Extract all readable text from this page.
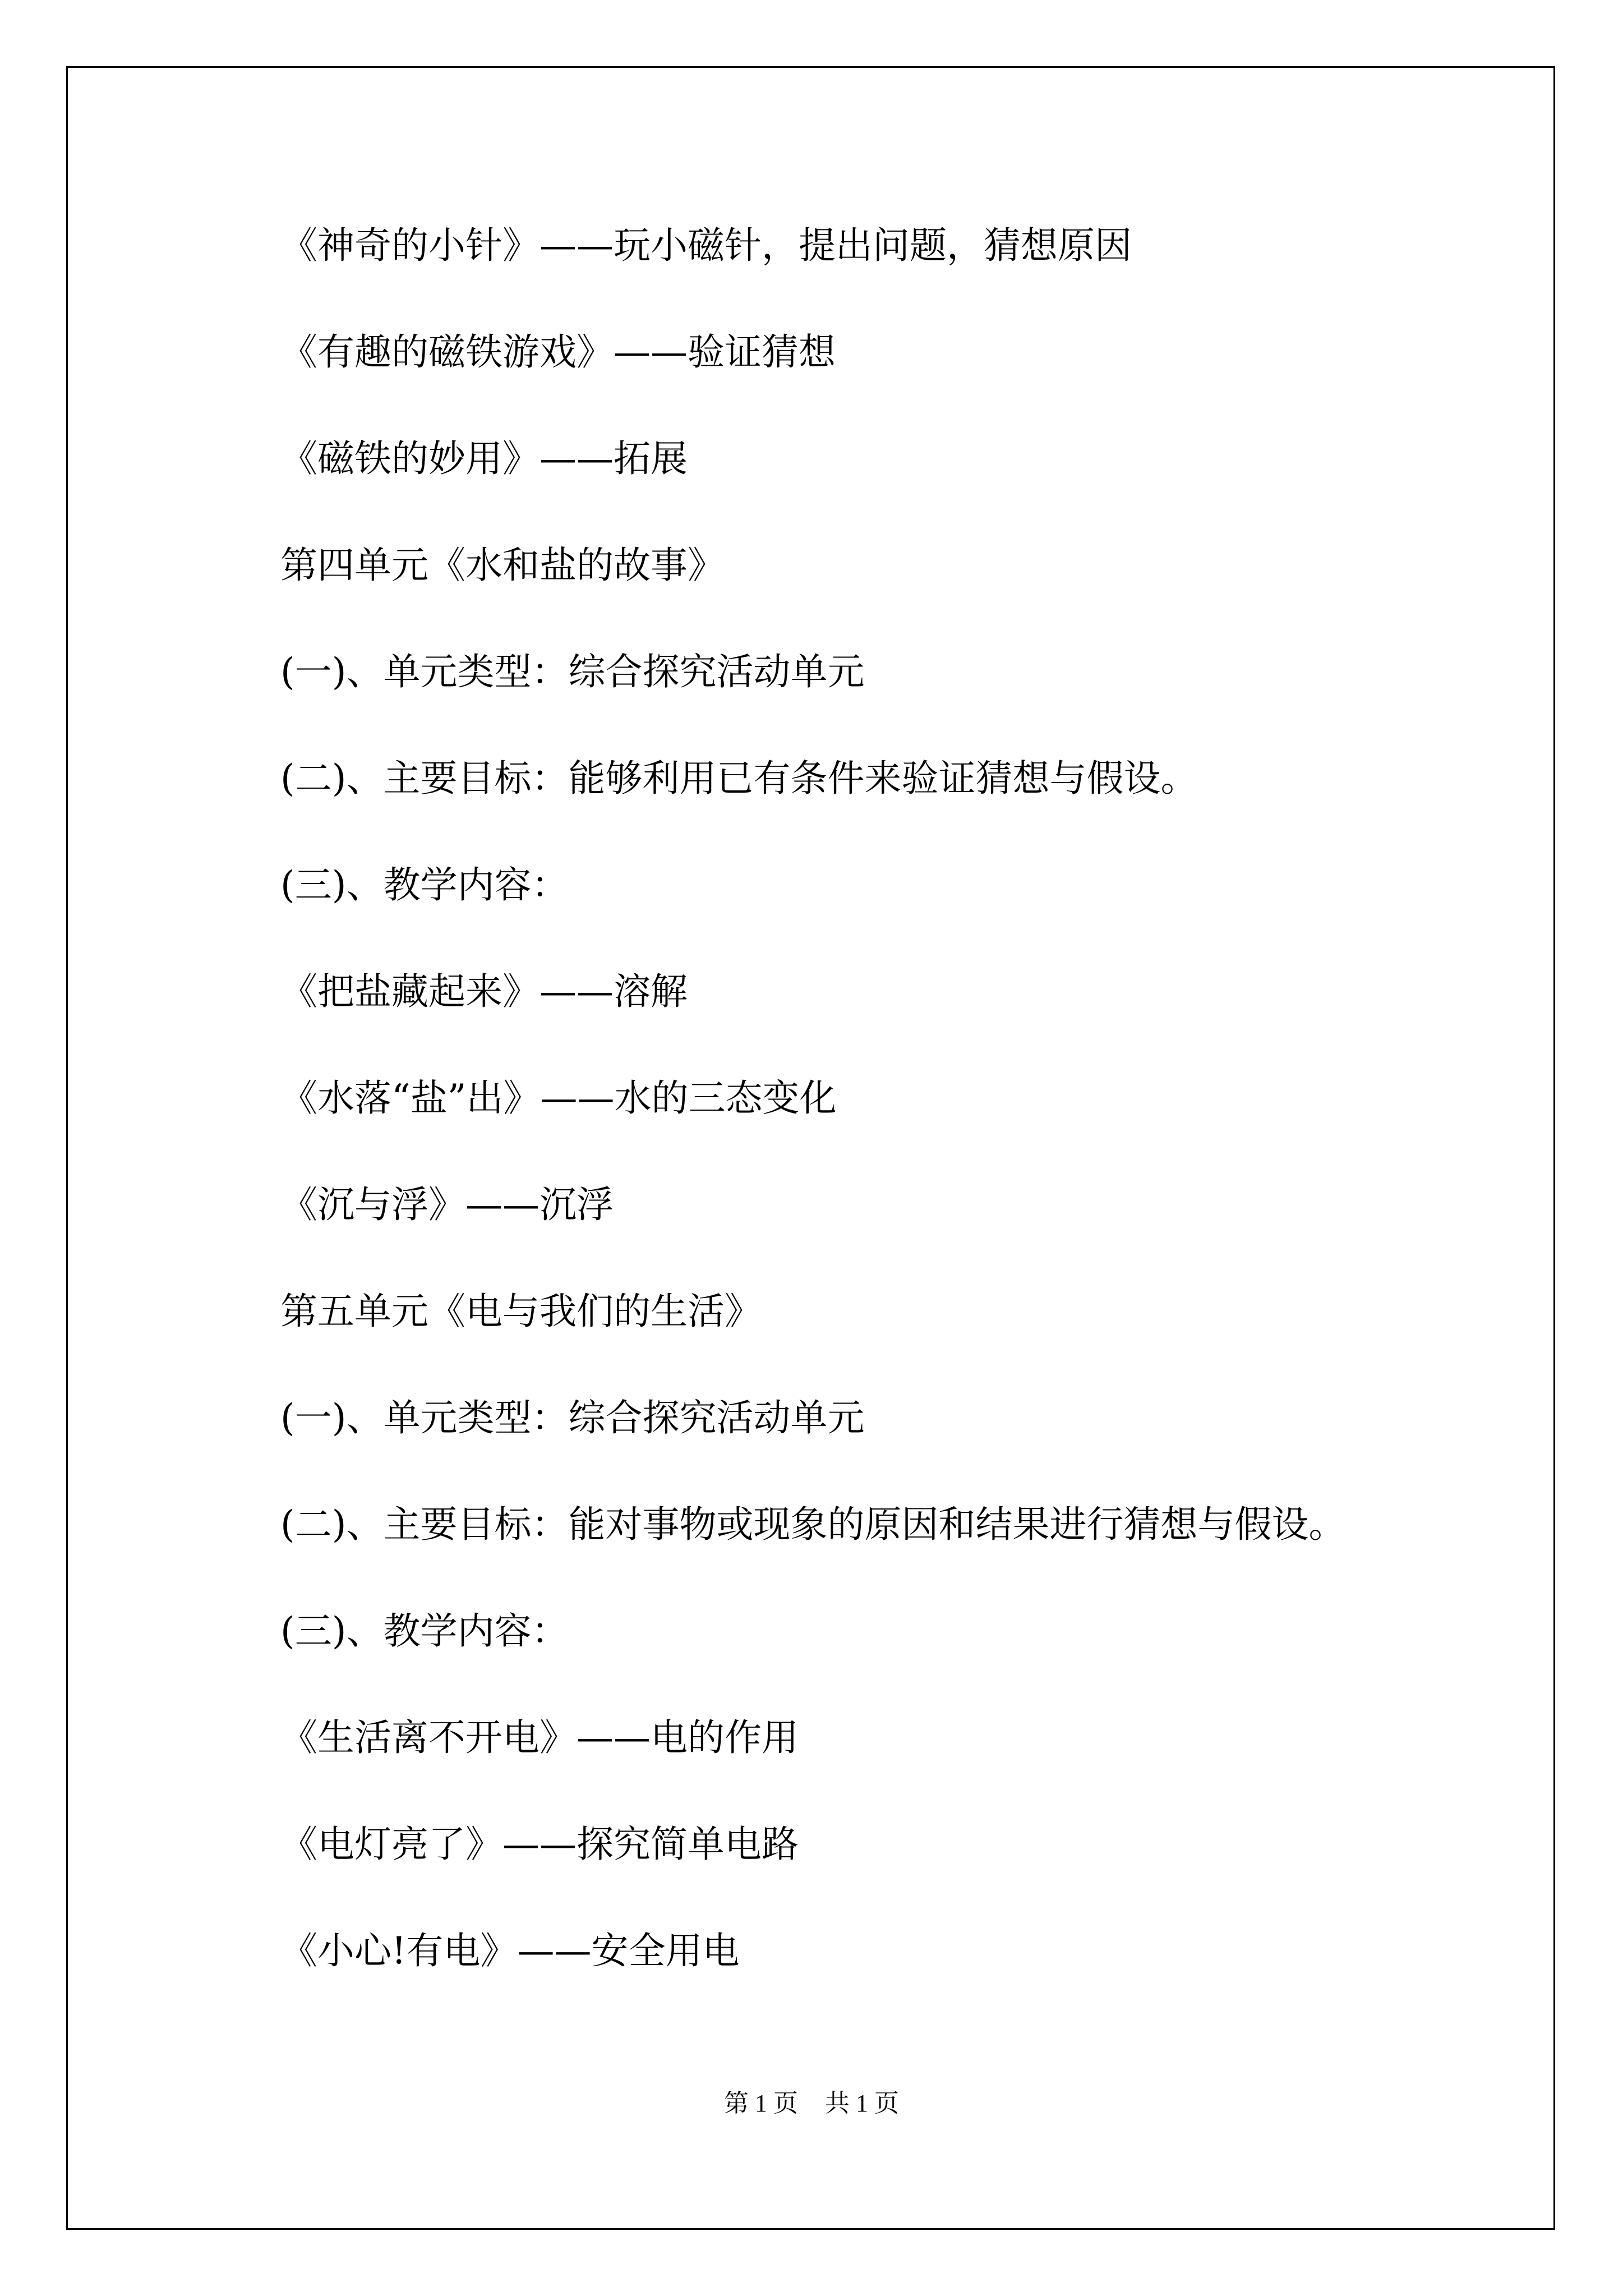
《神奇的小针》——玩小磁针，提出问题，猜想原因
《有趣的磁铁游戏》——验证猜想
《磁铁的妙用》——拓展
第四单元《水和盐的故事》
(一)、单元类型：综合探究活动单元
(二)、主要目标：能够利用已有条件来验证猜想与假设。
(三)、教学内容：
《把盐藏起来》——溶解
《水落“盐”出》——水的三态变化
《沉与浮》——沉浮
第五单元《电与我们的生活》
(一)、单元类型：综合探究活动单元
(二)、主要目标：能对事物或现象的原因和结果进行猜想与假设。
(三)、教学内容：
《生活离不开电》——电的作用
《电灯亮了》——探究简单电路
《小心!有电》——安全用电
第 1 页 共 1 页
